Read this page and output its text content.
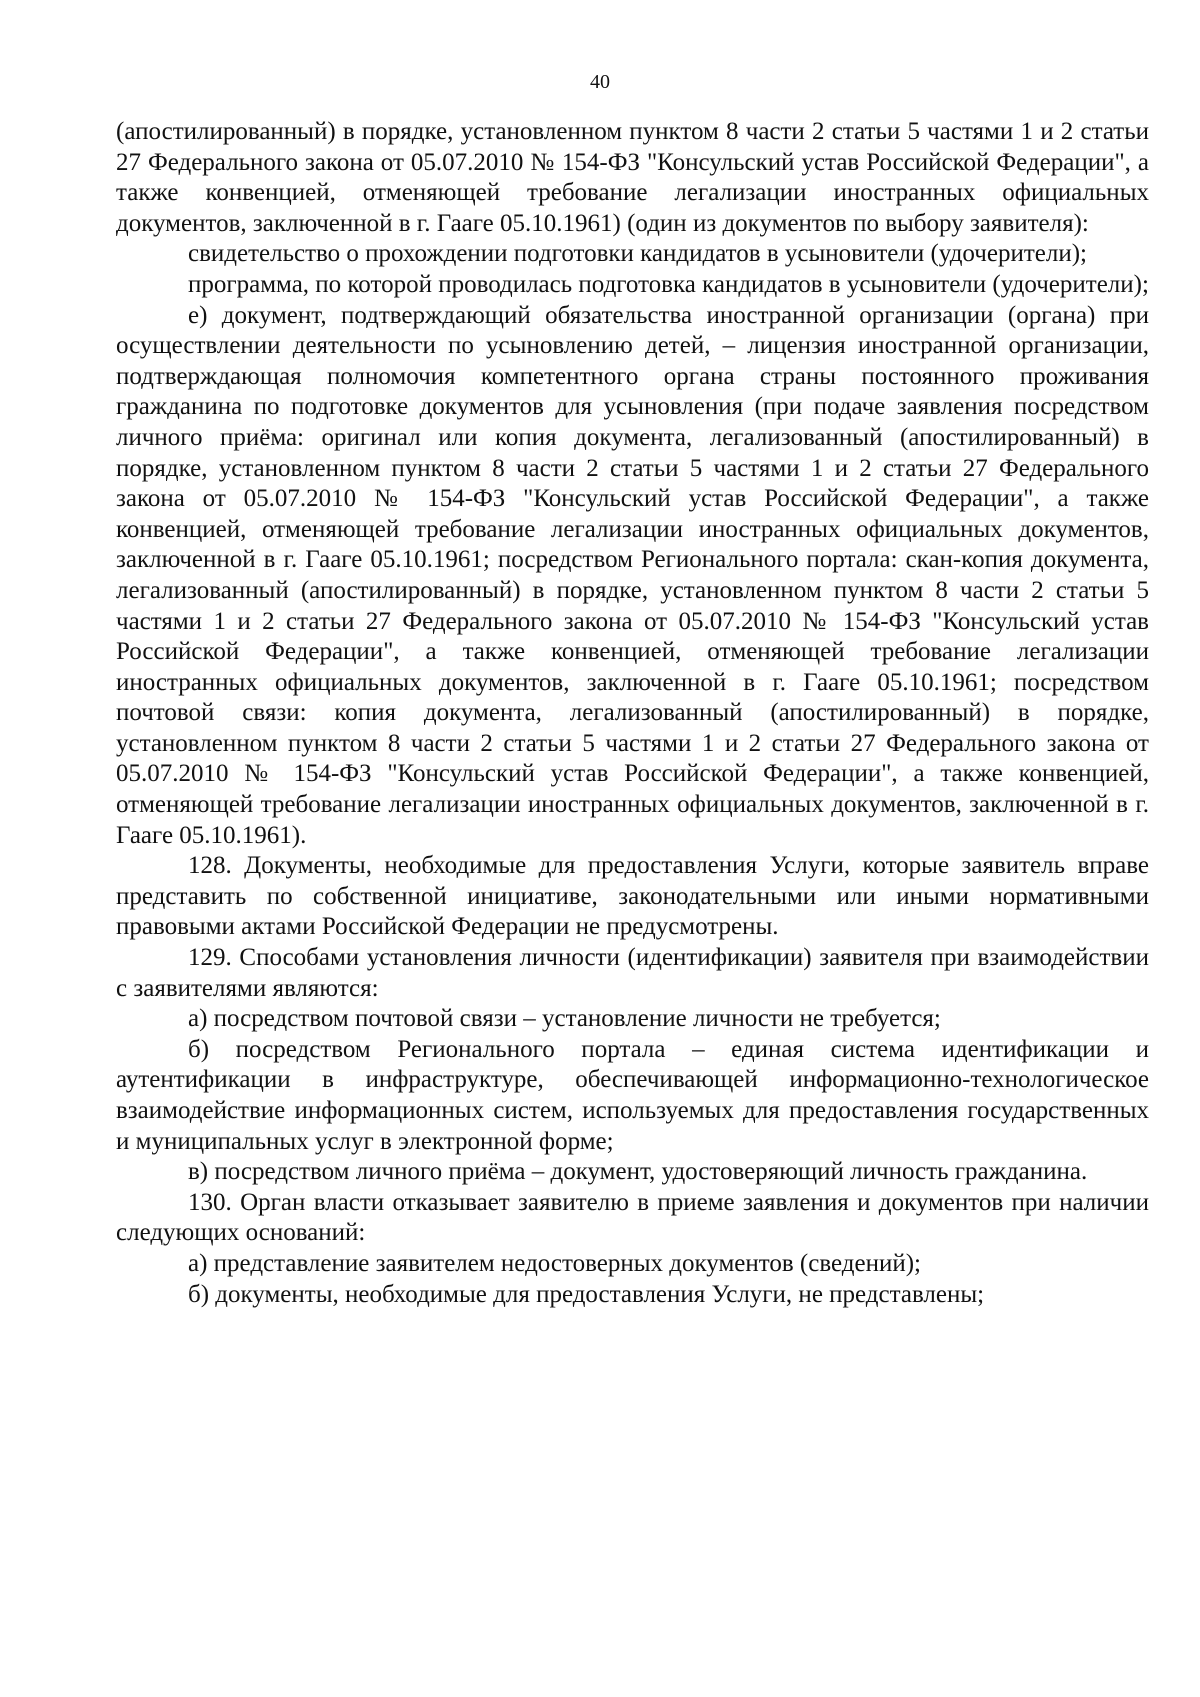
40

(апостилированный) в порядке, установленном пунктом 8 части 2 статьи 5 частями 1 и 2 статьи 27 Федерального закона от 05.07.2010 № 154-ФЗ "Консульский устав Российской Федерации", а также конвенцией, отменяющей требование легализации иностранных официальных документов, заключенной в г. Гааге 05.10.1961) (один из документов по выбору заявителя):

свидетельство о прохождении подготовки кандидатов в усыновители (удочерители);

программа, по которой проводилась подготовка кандидатов в усыновители (удочерители);

е) документ, подтверждающий обязательства иностранной организации (органа) при осуществлении деятельности по усыновлению детей, – лицензия иностранной организации, подтверждающая полномочия компетентного органа страны постоянного проживания гражданина по подготовке документов для усыновления (при подаче заявления посредством личного приёма: оригинал или копия документа, легализованный (апостилированный) в порядке, установленном пунктом 8 части 2 статьи 5 частями 1 и 2 статьи 27 Федерального закона от 05.07.2010 № 154-ФЗ "Консульский устав Российской Федерации", а также конвенцией, отменяющей требование легализации иностранных официальных документов, заключенной в г. Гааге 05.10.1961; посредством Регионального портала: скан-копия документа, легализованный (апостилированный) в порядке, установленном пунктом 8 части 2 статьи 5 частями 1 и 2 статьи 27 Федерального закона от 05.07.2010 № 154-ФЗ "Консульский устав Российской Федерации", а также конвенцией, отменяющей требование легализации иностранных официальных документов, заключенной в г. Гааге 05.10.1961; посредством почтовой связи: копия документа, легализованный (апостилированный) в порядке, установленном пунктом 8 части 2 статьи 5 частями 1 и 2 статьи 27 Федерального закона от 05.07.2010 № 154-ФЗ "Консульский устав Российской Федерации", а также конвенцией, отменяющей требование легализации иностранных официальных документов, заключенной в г. Гааге 05.10.1961).

128. Документы, необходимые для предоставления Услуги, которые заявитель вправе представить по собственной инициативе, законодательными или иными нормативными правовыми актами Российской Федерации не предусмотрены.

129. Способами установления личности (идентификации) заявителя при взаимодействии с заявителями являются:

а) посредством почтовой связи – установление личности не требуется;

б) посредством Регионального портала – единая система идентификации и аутентификации в инфраструктуре, обеспечивающей информационно-технологическое взаимодействие информационных систем, используемых для предоставления государственных и муниципальных услуг в электронной форме;

в) посредством личного приёма – документ, удостоверяющий личность гражданина.

130. Орган власти отказывает заявителю в приеме заявления и документов при наличии следующих оснований:

а) представление заявителем недостоверных документов (сведений);

б) документы, необходимые для предоставления Услуги, не представлены;
